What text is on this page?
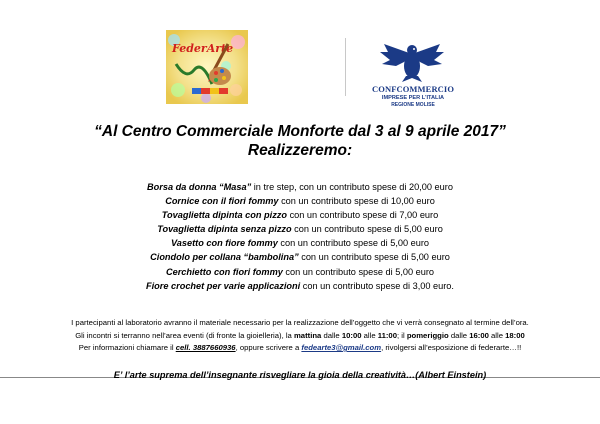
FederArte
CONFCOMMERCIO
IMPRESE PER L'ITALIA
REGIONE MOLISE
“Al Centro Commerciale Monforte dal 3 al 9 aprile 2017”
Realizzeremo:
Borsa da donna “Masa” in tre step, con un contributo spese di 20,00 euro
Cornice con il fiori fommy con un contributo spese di 10,00 euro
Tovaglietta dipinta con pizzo con un contributo spese di 7,00 euro
Tovaglietta dipinta senza pizzo con un contributo spese di 5,00 euro
Vasetto con fiore fommy con un contributo spese di 5,00 euro
Ciondolo per collana “bambolina” con un contributo spese di 5,00 euro
Cerchietto con fiori fommy con un contributo spese di 5,00 euro
Fiore crochet per varie applicazioni con un contributo spese di 3,00 euro.
I partecipanti al laboratorio avranno il materiale necessario per la realizzazione dell’oggetto che vi verrà consegnato al termine dell’ora.
Gli incontri si terranno nell’area eventi (di fronte la gioielleria), la mattina dalle 10:00 alle 11:00; il pomeriggio dalle 16:00 alle 18:00
Per informazioni chiamare il cell. 3887660936, oppure scrivere a fedearte3@gmail.com, rivolgersi all’esposizione di federarte…!!
E’ l’arte suprema dell’insegnante risvegliare la gioia della creatività…(Albert Einstein)
